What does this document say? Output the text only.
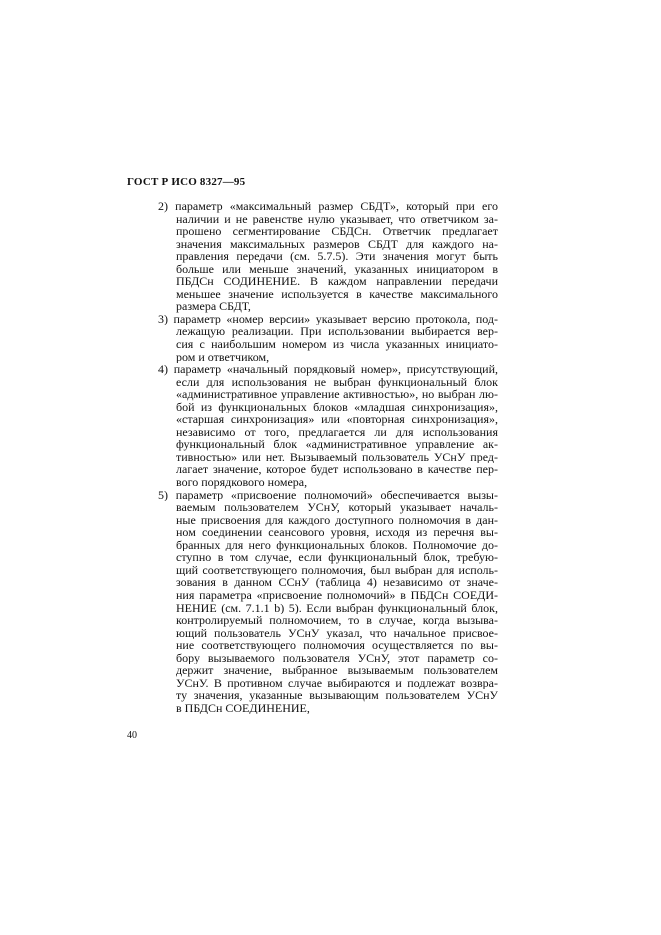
ГОСТ Р ИСО 8327—95
2) параметр «максимальный размер СБДТ», который при его
наличии и не равенстве нулю указывает, что ответчиком за-
прошено сегментирование СБДСн. Ответчик предлагает
значения максимальных размеров СБДТ для каждого на-
правления передачи (см. 5.7.5). Эти значения могут быть
больше или меньше значений, указанных инициатором в
ПБДСн СОДИНЕНИЕ. В каждом направлении передачи
меньшее значение используется в качестве максимального
размера СБДТ,
3) параметр «номер версии» указывает версию протокола, под-
лежащую реализации. При использовании выбирается вер-
сия с наибольшим номером из числа указанных инициато-
ром и ответчиком,
4) параметр «начальный порядковый номер», присутствующий,
если для использования не выбран функциональный блок
«административное управление активностью», но выбран лю-
бой из функциональных блоков «младшая синхронизация»,
«старшая синхронизация» или «повторная синхронизация»,
независимо от того, предлагается ли для использования
функциональный блок «административное управление ак-
тивностью» или нет. Вызываемый пользователь УСнУ пред-
лагает значение, которое будет использовано в качестве пер-
вого порядкового номера,
5) параметр «присвоение полномочий» обеспечивается вызы-
ваемым пользователем УСнУ, который указывает началь-
ные присвоения для каждого доступного полномочия в дан-
ном соединении сеансового уровня, исходя из перечня вы-
бранных для него функциональных блоков. Полномочие до-
ступно в том случае, если функциональный блок, требую-
щий соответствующего полномочия, был выбран для исполь-
зования в данном ССнУ (таблица 4) независимо от значе-
ния параметра «присвоение полномочий» в ПБДСн СОЕДИ-
НЕНИЕ (см. 7.1.1 b) 5). Если выбран функциональный блок,
контролируемый полномочием, то в случае, когда вызыва-
ющий пользователь УСнУ указал, что начальное присвое-
ние соответствующего полномочия осуществляется по вы-
бору вызываемого пользователя УСнУ, этот параметр со-
держит значение, выбранное вызываемым пользователем
УСнУ. В противном случае выбираются и подлежат возвра-
ту значения, указанные вызывающим пользователем УСнУ
в ПБДСн СОЕДИНЕНИЕ,
40
